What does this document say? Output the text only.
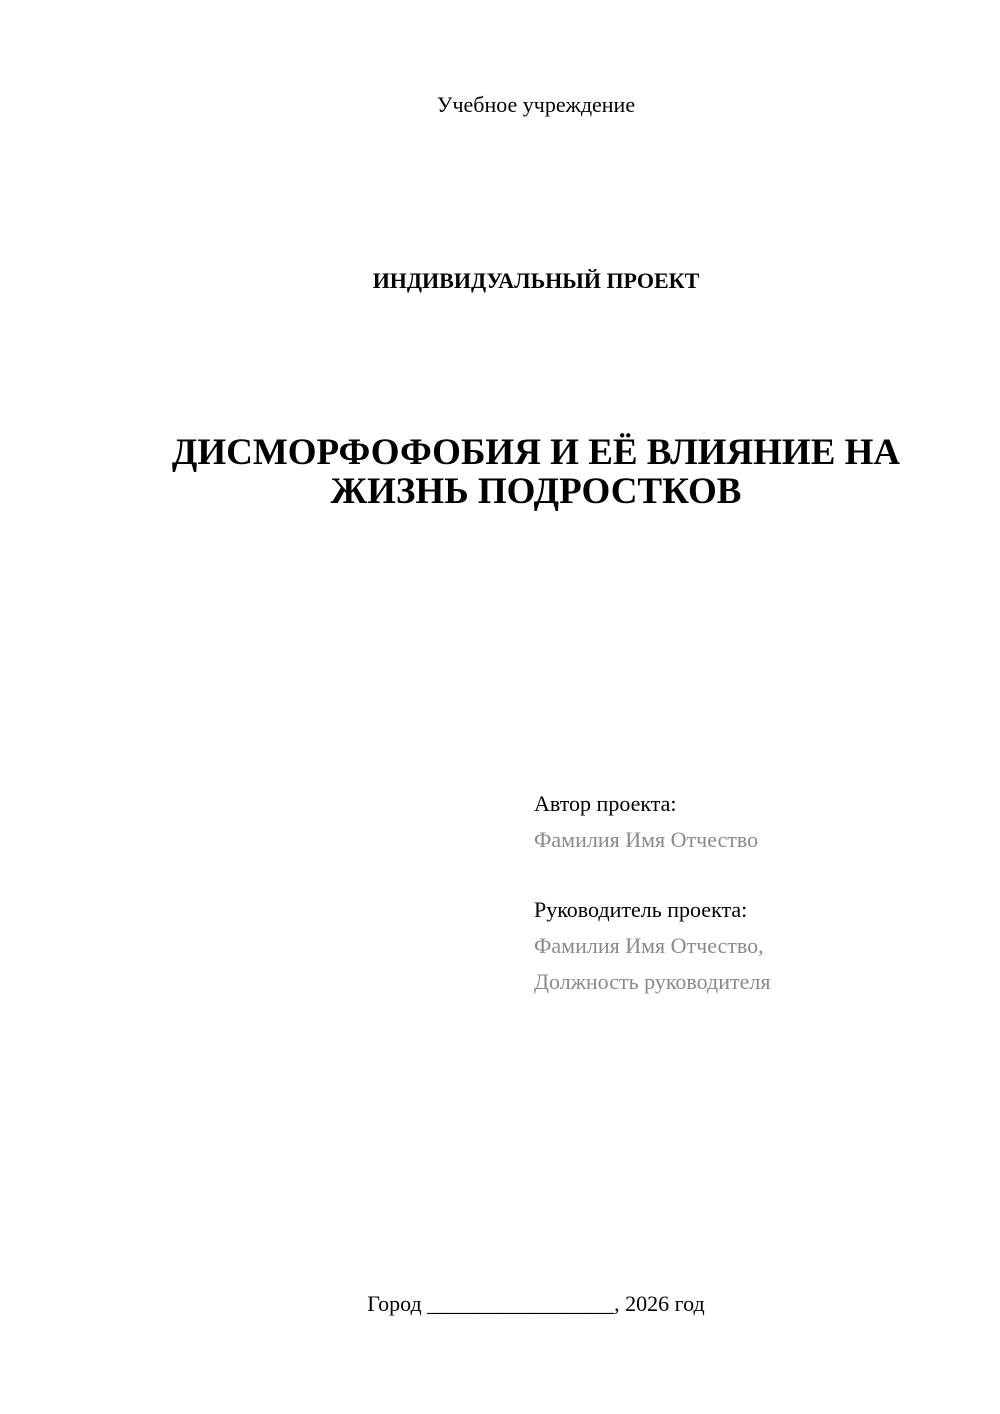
Учебное учреждение
ИНДИВИДУАЛЬНЫЙ ПРОЕКТ
ДИСМОРФОФОБИЯ И ЕЁ ВЛИЯНИЕ НА
ЖИЗНЬ ПОДРОСТКОВ
Автор проекта:
Фамилия Имя Отчество
Руководитель проекта:
Фамилия Имя Отчество,
Должность руководителя
Город _________________, 2026 год
